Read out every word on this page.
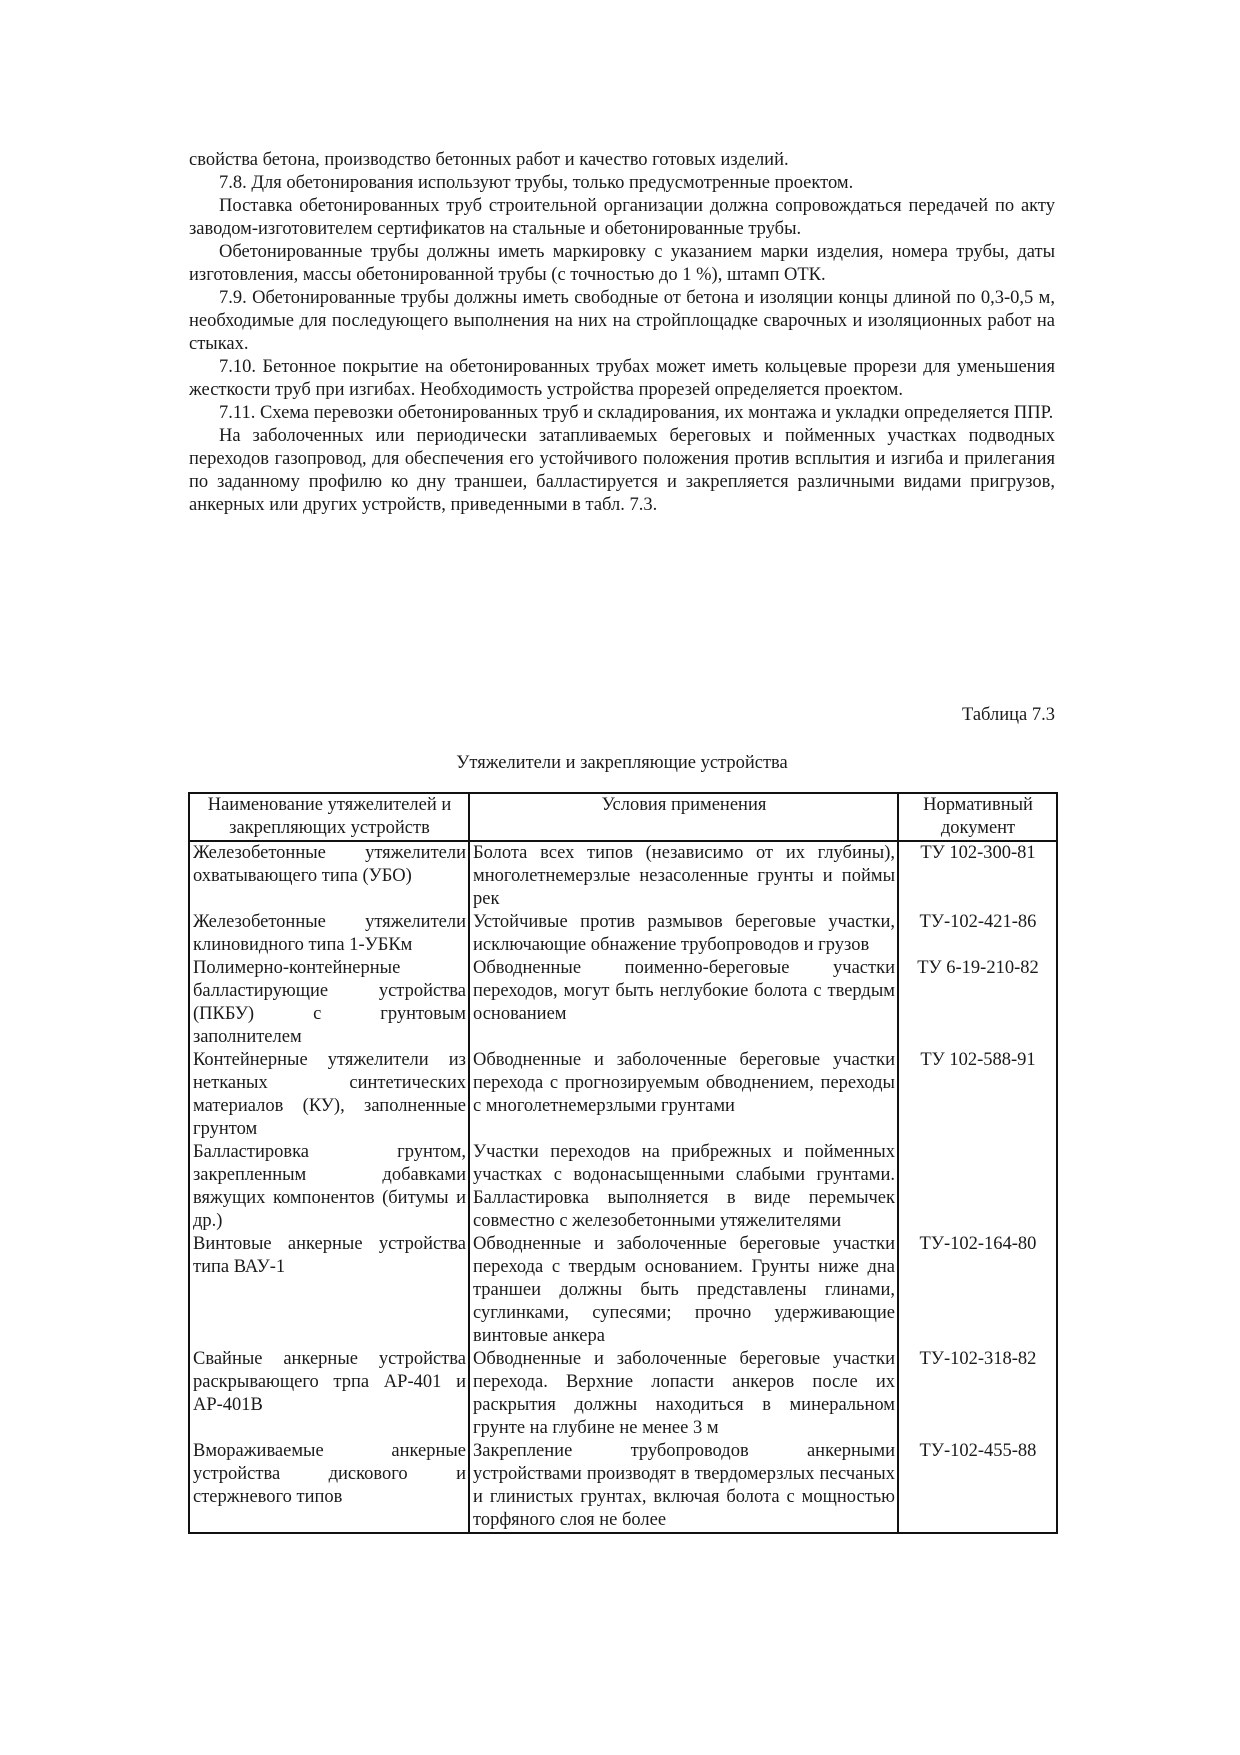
свойства бетона, производство бетонных работ и качество готовых изделий.

7.8. Для обетонирования используют трубы, только предусмотренные проектом.

Поставка обетонированных труб строительной организации должна сопровождаться передачей по акту заводом-изготовителем сертификатов на стальные и обетонированные трубы.

Обетонированные трубы должны иметь маркировку с указанием марки изделия, номера трубы, даты изготовления, массы обетонированной трубы (с точностью до 1 %), штамп ОТК.

7.9. Обетонированные трубы должны иметь свободные от бетона и изоляции концы длиной по 0,3-0,5 м, необходимые для последующего выполнения на них на стройплощадке сварочных и изоляционных работ на стыках.

7.10. Бетонное покрытие на обетонированных трубах может иметь кольцевые прорези для уменьшения жесткости труб при изгибах. Необходимость устройства прорезей определяется проектом.

7.11. Схема перевозки обетонированных труб и складирования, их монтажа и укладки определяется ППР.

На заболоченных или периодически затапливаемых береговых и пойменных участках подводных переходов газопровод, для обеспечения его устойчивого положения против всплытия и изгиба и прилегания по заданному профилю ко дну траншеи, балластируется и закрепляется различными видами пригрузов, анкерных или других устройств, приведенными в табл. 7.3.

Таблица 7.3
Утяжелители и закрепляющие устройства
Наименование утяжелителей и закрепляющих устройств	Условия применения	Нормативный документ
Железобетонные утяжелители охватывающего типа (УБО)	Болота всех типов (независимо от их глубины), многолетнемерзлые незасоленные грунты и поймы рек	ТУ 102-300-81
Железобетонные утяжелители клиновидного типа 1-УБКм	Устойчивые против размывов береговые участки, исключающие обнажение трубопроводов и грузов	ТУ-102-421-86
Полимерно-контейнерные балластирующие устройства (ПКБУ) с грунтовым заполнителем	Обводненные поименно-береговые участки переходов, могут быть неглубокие болота с твердым основанием	ТУ 6-19-210-82
Контейнерные утяжелители из нетканых синтетических материалов (КУ), заполненные грунтом	Обводненные и заболоченные береговые участки перехода с прогнозируемым обводнением, переходы с многолетнемерзлыми грунтами	ТУ 102-588-91
Балластировка грунтом, закрепленным добавками вяжущих компонентов (битумы и др.)	Участки переходов на прибрежных и пойменных участках с водонасыщенными слабыми грунтами. Балластировка выполняется в виде перемычек совместно с железобетонными утяжелителями	
Винтовые анкерные устройства типа ВАУ-1	Обводненные и заболоченные береговые участки перехода с твердым основанием. Грунты ниже дна траншеи должны быть представлены глинами, суглинками, супесями; прочно удерживающие винтовые анкера	ТУ-102-164-80
Свайные анкерные устройства раскрывающего трпа АР-401 и АР-401В	Обводненные и заболоченные береговые участки перехода. Верхние лопасти анкеров после их раскрытия должны находиться в минеральном грунте на глубине не менее 3 м	ТУ-102-318-82
Вмораживаемые анкерные устройства дискового и стержневого типов	Закрепление трубопроводов анкерными устройствами производят в твердомерзлых песчаных и глинистых грунтах, включая болота с мощностью торфяного слоя не более	ТУ-102-455-88
